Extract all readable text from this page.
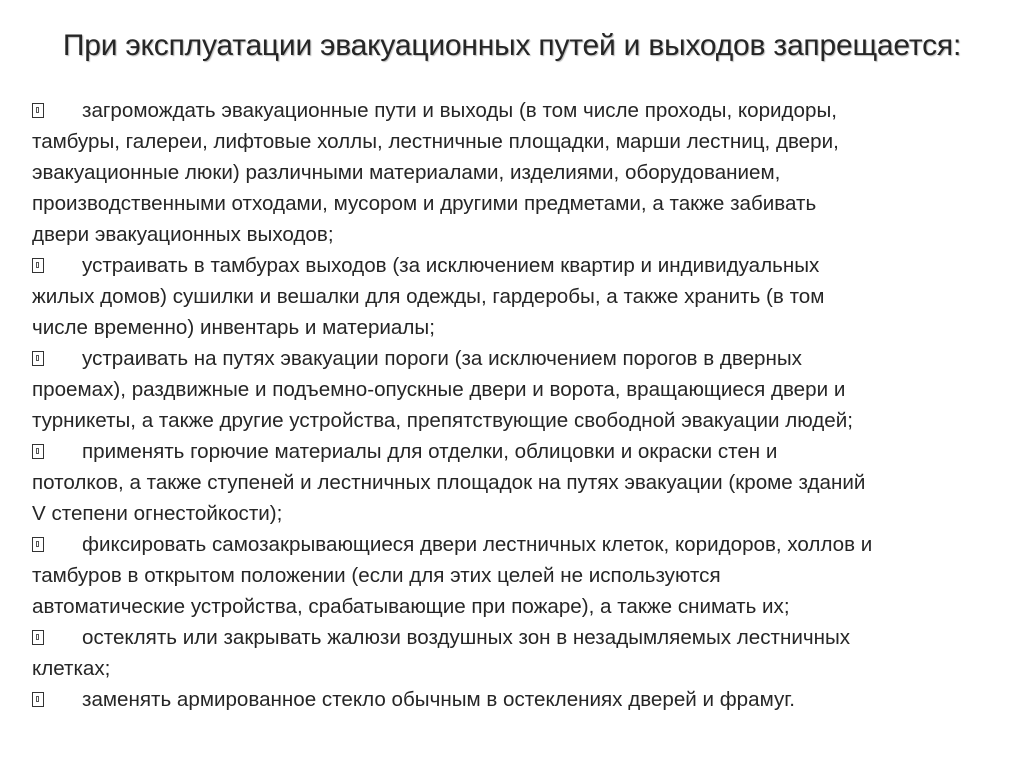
При эксплуатации эвакуационных путей и выходов запрещается:
загромождать эвакуационные пути и выходы (в том числе проходы, коридоры,
тамбуры, галереи, лифтовые холлы, лестничные площадки, марши лестниц, двери,
эвакуационные люки) различными материалами, изделиями, оборудованием,
производственными отходами, мусором и другими предметами, а также забивать
двери эвакуационных выходов;
устраивать в тамбурах выходов (за исключением квартир и индивидуальных
жилых домов) сушилки и вешалки для одежды, гардеробы, а также хранить (в том
числе временно) инвентарь и материалы;
устраивать на путях эвакуации пороги (за исключением порогов в дверных
проемах), раздвижные и подъемно-опускные двери и ворота, вращающиеся двери и
турникеты, а также другие устройства, препятствующие свободной эвакуации людей;
применять горючие материалы для отделки, облицовки и окраски стен и
потолков, а также ступеней и лестничных площадок на путях эвакуации (кроме зданий
V степени огнестойкости);
фиксировать самозакрывающиеся двери лестничных клеток, коридоров, холлов и
тамбуров в открытом положении (если для этих целей не используются
автоматические устройства, срабатывающие при пожаре), а также снимать их;
остеклять или закрывать жалюзи воздушных зон в незадымляемых лестничных
клетках;
заменять армированное стекло обычным в остеклениях дверей и фрамуг.
